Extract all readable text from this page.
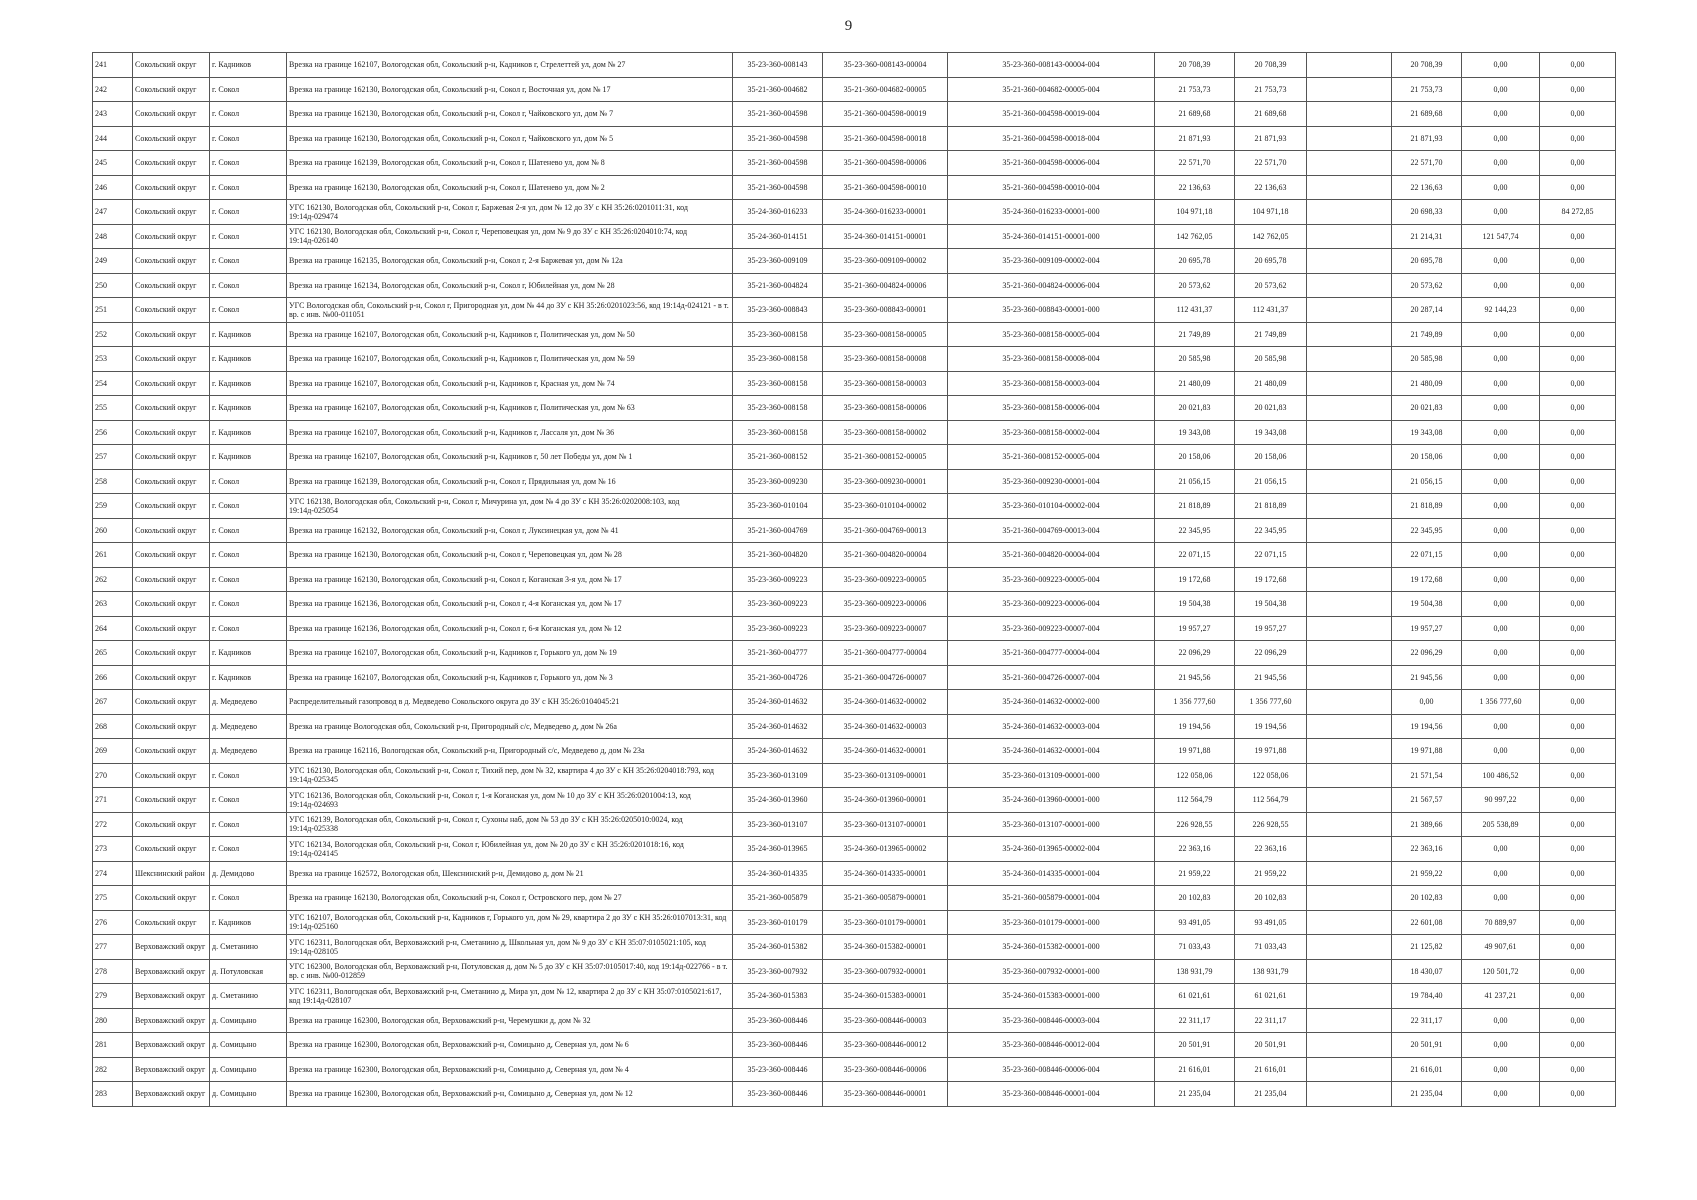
9
241	Сокольский округ	г. Кадников	Врезка на границе 162107, Вологодская обл, Сокольский р-н, Кадников г, Стрелеттей ул, дом № 27	35-23-360-008143	35-23-360-008143-00004	35-23-360-008143-00004-004	20 708,39	20 708,39		20 708,39	0,00	0,00
242	Сокольский округ	г. Сокол	Врезка на границе 162130, Вологодская обл, Сокольский р-н, Сокол г, Восточная ул, дом № 17	35-21-360-004682	35-21-360-004682-00005	35-21-360-004682-00005-004	21 753,73	21 753,73		21 753,73	0,00	0,00
243	Сокольский округ	г. Сокол	Врезка на границе 162130, Вологодская обл, Сокольский р-н, Сокол г, Чайковского ул, дом № 7	35-21-360-004598	35-21-360-004598-00019	35-21-360-004598-00019-004	21 689,68	21 689,68		21 689,68	0,00	0,00
244	Сокольский округ	г. Сокол	Врезка на границе 162130, Вологодская обл, Сокольский р-н, Сокол г, Чайковского ул, дом № 5	35-21-360-004598	35-21-360-004598-00018	35-21-360-004598-00018-004	21 871,93	21 871,93		21 871,93	0,00	0,00
245	Сокольский округ	г. Сокол	Врезка на границе 162139, Вологодская обл, Сокольский р-н, Сокол г, Шатенево ул, дом № 8	35-21-360-004598	35-21-360-004598-00006	35-21-360-004598-00006-004	22 571,70	22 571,70		22 571,70	0,00	0,00
246	Сокольский округ	г. Сокол	Врезка на границе 162130, Вологодская обл, Сокольский р-н, Сокол г, Шатенево ул, дом № 2	35-21-360-004598	35-21-360-004598-00010	35-21-360-004598-00010-004	22 136,63	22 136,63		22 136,63	0,00	0,00
247	Сокольский округ	г. Сокол	УГС 162130, Вологодская обл, Сокольский р-н, Сокол г, Баржевая 2-я ул, дом № 12 до ЗУ с КН 35:26:0201011:31, код 19:14д-029474	35-24-360-016233	35-24-360-016233-00001	35-24-360-016233-00001-000	104 971,18	104 971,18		20 698,33	0,00	84 272,85
248	Сокольский округ	г. Сокол	УГС 162130, Вологодская обл, Сокольский р-н, Сокол г, Череповецкая ул, дом № 9 до ЗУ с КН 35:26:0204010:74, код 19:14д-026140	35-24-360-014151	35-24-360-014151-00001	35-24-360-014151-00001-000	142 762,05	142 762,05		21 214,31	121 547,74	0,00
249	Сокольский округ	г. Сокол	Врезка на границе 162135, Вологодская обл, Сокольский р-н, Сокол г, 2-я Баржевая ул, дом № 12а	35-23-360-009109	35-23-360-009109-00002	35-23-360-009109-00002-004	20 695,78	20 695,78		20 695,78	0,00	0,00
250	Сокольский округ	г. Сокол	Врезка на границе 162134, Вологодская обл, Сокольский р-н, Сокол г, Юбилейная ул, дом № 28	35-21-360-004824	35-21-360-004824-00006	35-21-360-004824-00006-004	20 573,62	20 573,62		20 573,62	0,00	0,00
251	Сокольский округ	г. Сокол	УГС Вологодская обл, Сокольский р-н, Сокол г, Пригородная ул, дом № 44 до ЗУ с КН 35:26:0201023:56, код 19:14д-024121 - в т. вр. с инв. №00-011051	35-23-360-008843	35-23-360-008843-00001	35-23-360-008843-00001-000	112 431,37	112 431,37		20 287,14	92 144,23	0,00
252	Сокольский округ	г. Кадников	Врезка на границе 162107, Вологодская обл, Сокольский р-н, Кадников г, Политическая ул, дом № 50	35-23-360-008158	35-23-360-008158-00005	35-23-360-008158-00005-004	21 749,89	21 749,89		21 749,89	0,00	0,00
253	Сокольский округ	г. Кадников	Врезка на границе 162107, Вологодская обл, Сокольский р-н, Кадников г, Политическая ул, дом № 59	35-23-360-008158	35-23-360-008158-00008	35-23-360-008158-00008-004	20 585,98	20 585,98		20 585,98	0,00	0,00
254	Сокольский округ	г. Кадников	Врезка на границе 162107, Вологодская обл, Сокольский р-н, Кадников г, Красная ул, дом № 74	35-23-360-008158	35-23-360-008158-00003	35-23-360-008158-00003-004	21 480,09	21 480,09		21 480,09	0,00	0,00
255	Сокольский округ	г. Кадников	Врезка на границе 162107, Вологодская обл, Сокольский р-н, Кадников г, Политическая ул, дом № 63	35-23-360-008158	35-23-360-008158-00006	35-23-360-008158-00006-004	20 021,83	20 021,83		20 021,83	0,00	0,00
256	Сокольский округ	г. Кадников	Врезка на границе 162107, Вологодская обл, Сокольский р-н, Кадников г, Лассаля ул, дом № 36	35-23-360-008158	35-23-360-008158-00002	35-23-360-008158-00002-004	19 343,08	19 343,08		19 343,08	0,00	0,00
257	Сокольский округ	г. Кадников	Врезка на границе 162107, Вологодская обл, Сокольский р-н, Кадников г, 50 лет Победы ул, дом № 1	35-21-360-008152	35-21-360-008152-00005	35-21-360-008152-00005-004	20 158,06	20 158,06		20 158,06	0,00	0,00
258	Сокольский округ	г. Сокол	Врезка на границе 162139, Вологодская обл, Сокольский р-н, Сокол г, Прядильная ул, дом № 16	35-23-360-009230	35-23-360-009230-00001	35-23-360-009230-00001-004	21 056,15	21 056,15		21 056,15	0,00	0,00
259	Сокольский округ	г. Сокол	УГС 162138, Вологодская обл, Сокольский р-н, Сокол г, Мичурина ул, дом № 4 до ЗУ с КН 35:26:0202008:103, код 19:14д-025054	35-23-360-010104	35-23-360-010104-00002	35-23-360-010104-00002-004	21 818,89	21 818,89		21 818,89	0,00	0,00
260	Сокольский округ	г. Сокол	Врезка на границе 162132, Вологодская обл, Сокольский р-н, Сокол г, Луксинецкая ул, дом № 41	35-21-360-004769	35-21-360-004769-00013	35-21-360-004769-00013-004	22 345,95	22 345,95		22 345,95	0,00	0,00
261	Сокольский округ	г. Сокол	Врезка на границе 162130, Вологодская обл, Сокольский р-н, Сокол г, Череповецкая ул, дом № 28	35-21-360-004820	35-21-360-004820-00004	35-21-360-004820-00004-004	22 071,15	22 071,15		22 071,15	0,00	0,00
262	Сокольский округ	г. Сокол	Врезка на границе 162130, Вологодская обл, Сокольский р-н, Сокол г, Коганская 3-я ул, дом № 17	35-23-360-009223	35-23-360-009223-00005	35-23-360-009223-00005-004	19 172,68	19 172,68		19 172,68	0,00	0,00
263	Сокольский округ	г. Сокол	Врезка на границе 162136, Вологодская обл, Сокольский р-н, Сокол г, 4-я Коганская ул, дом № 17	35-23-360-009223	35-23-360-009223-00006	35-23-360-009223-00006-004	19 504,38	19 504,38		19 504,38	0,00	0,00
264	Сокольский округ	г. Сокол	Врезка на границе 162136, Вологодская обл, Сокольский р-н, Сокол г, 6-я Коганская ул, дом № 12	35-23-360-009223	35-23-360-009223-00007	35-23-360-009223-00007-004	19 957,27	19 957,27		19 957,27	0,00	0,00
265	Сокольский округ	г. Кадников	Врезка на границе 162107, Вологодская обл, Сокольский р-н, Кадников г, Горького ул, дом № 19	35-21-360-004777	35-21-360-004777-00004	35-21-360-004777-00004-004	22 096,29	22 096,29		22 096,29	0,00	0,00
266	Сокольский округ	г. Кадников	Врезка на границе 162107, Вологодская обл, Сокольский р-н, Кадников г, Горького ул, дом № 3	35-21-360-004726	35-21-360-004726-00007	35-21-360-004726-00007-004	21 945,56	21 945,56		21 945,56	0,00	0,00
267	Сокольский округ	д. Медведево	Распределительный газопровод в д. Медведево Сокольского округа до ЗУ с КН 35:26:0104045:21	35-24-360-014632	35-24-360-014632-00002	35-24-360-014632-00002-000	1 356 777,60	1 356 777,60		0,00	1 356 777,60	0,00
268	Сокольский округ	д. Медведево	Врезка на границе Вологодская обл, Сокольский р-н, Пригородный с/с, Медведево д, дом № 26а	35-24-360-014632	35-24-360-014632-00003	35-24-360-014632-00003-004	19 194,56	19 194,56		19 194,56	0,00	0,00
269	Сокольский округ	д. Медведево	Врезка на границе 162116, Вологодская обл, Сокольский р-н, Пригородный с/с, Медведево д, дом № 23а	35-24-360-014632	35-24-360-014632-00001	35-24-360-014632-00001-004	19 971,88	19 971,88		19 971,88	0,00	0,00
270	Сокольский округ	г. Сокол	УГС 162130, Вологодская обл, Сокольский р-н, Сокол г, Тихий пер, дом № 32, квартира 4 до ЗУ с КН 35:26:0204018:793, код 19:14д-025345	35-23-360-013109	35-23-360-013109-00001	35-23-360-013109-00001-000	122 058,06	122 058,06		21 571,54	100 486,52	0,00
271	Сокольский округ	г. Сокол	УГС 162136, Вологодская обл, Сокольский р-н, Сокол г, 1-я Коганская ул, дом № 10 до ЗУ с КН 35:26:0201004:13, код 19:14д-024693	35-24-360-013960	35-24-360-013960-00001	35-24-360-013960-00001-000	112 564,79	112 564,79		21 567,57	90 997,22	0,00
272	Сокольский округ	г. Сокол	УГС 162139, Вологодская обл, Сокольский р-н, Сокол г, Сухоны наб, дом № 53 до ЗУ с КН 35:26:0205010:0024, код 19:14д-025338	35-23-360-013107	35-23-360-013107-00001	35-23-360-013107-00001-000	226 928,55	226 928,55		21 389,66	205 538,89	0,00
273	Сокольский округ	г. Сокол	УГС 162134, Вологодская обл, Сокольский р-н, Сокол г, Юбилейная ул, дом № 20 до ЗУ с КН 35:26:0201018:16, код 19:14д-024145	35-24-360-013965	35-24-360-013965-00002	35-24-360-013965-00002-004	22 363,16	22 363,16		22 363,16	0,00	0,00
274	Шекснинский район	д. Демидово	Врезка на границе 162572, Вологодская обл, Шекснинский р-н, Демидово д, дом № 21	35-24-360-014335	35-24-360-014335-00001	35-24-360-014335-00001-004	21 959,22	21 959,22		21 959,22	0,00	0,00
275	Сокольский округ	г. Сокол	Врезка на границе 162130, Вологодская обл, Сокольский р-н, Сокол г, Островского пер, дом № 27	35-21-360-005879	35-21-360-005879-00001	35-21-360-005879-00001-004	20 102,83	20 102,83		20 102,83	0,00	0,00
276	Сокольский округ	г. Кадников	УГС 162107, Вологодская обл, Сокольский р-н, Кадников г, Горького ул, дом № 29, квартира 2 до ЗУ с КН 35:26:0107013:31, код 19:14д-025160	35-23-360-010179	35-23-360-010179-00001	35-23-360-010179-00001-000	93 491,05	93 491,05		22 601,08	70 889,97	0,00
277	Верховажский округ	д. Сметанино	УГС 162311, Вологодская обл, Верховажский р-н, Сметанино д, Школьная ул, дом № 9 до ЗУ с КН 35:07:0105021:105, код 19:14д-028105	35-24-360-015382	35-24-360-015382-00001	35-24-360-015382-00001-000	71 033,43	71 033,43		21 125,82	49 907,61	0,00
278	Верховажский округ	д. Потуловская	УГС 162300, Вологодская обл, Верховажский р-н, Потуловская д, дом № 5 до ЗУ с КН 35:07:0105017:40, код 19:14д-022766 - в т. вр. с инв. №00-012859	35-23-360-007932	35-23-360-007932-00001	35-23-360-007932-00001-000	138 931,79	138 931,79		18 430,07	120 501,72	0,00
279	Верховажский округ	д. Сметанино	УГС 162311, Вологодская обл, Верховажский р-н, Сметанино д, Мира ул, дом № 12, квартира 2 до ЗУ с КН 35:07:0105021:617, код 19:14д-028107	35-24-360-015383	35-24-360-015383-00001	35-24-360-015383-00001-000	61 021,61	61 021,61		19 784,40	41 237,21	0,00
280	Верховажский округ	д. Сомицыно	Врезка на границе 162300, Вологодская обл, Верховажский р-н, Черемушки д, дом № 32	35-23-360-008446	35-23-360-008446-00003	35-23-360-008446-00003-004	22 311,17	22 311,17		22 311,17	0,00	0,00
281	Верховажский округ	д. Сомицыно	Врезка на границе 162300, Вологодская обл, Верховажский р-н, Сомицыно д, Северная ул, дом № 6	35-23-360-008446	35-23-360-008446-00012	35-23-360-008446-00012-004	20 501,91	20 501,91		20 501,91	0,00	0,00
282	Верховажский округ	д. Сомицыно	Врезка на границе 162300, Вологодская обл, Верховажский р-н, Сомицыно д, Северная ул, дом № 4	35-23-360-008446	35-23-360-008446-00006	35-23-360-008446-00006-004	21 616,01	21 616,01		21 616,01	0,00	0,00
283	Верховажский округ	д. Сомицыно	Врезка на границе 162300, Вологодская обл, Верховажский р-н, Сомицыно д, Северная ул, дом № 12	35-23-360-008446	35-23-360-008446-00001	35-23-360-008446-00001-004	21 235,04	21 235,04		21 235,04	0,00	0,00
